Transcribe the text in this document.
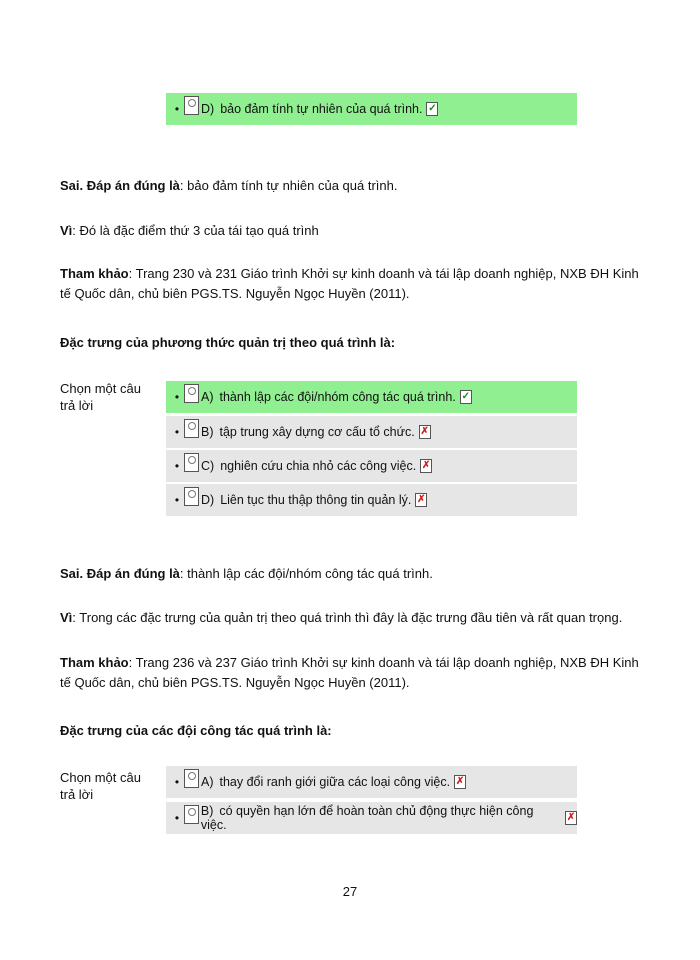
•	D) bảo đảm tính tự nhiên của quá trình. ✓
Sai. Đáp án đúng là: bảo đảm tính tự nhiên của quá trình.
Vì: Đó là đặc điểm thứ 3 của tái tạo quá trình
Tham khảo: Trang 230 và 231 Giáo trình Khởi sự kinh doanh và tái lập doanh nghiệp, NXB ĐH Kinh tế Quốc dân, chủ biên PGS.TS. Nguyễn Ngọc Huyền (2011).
Đặc trưng của phương thức quản trị theo quá trình là:
Chọn một câu trả lời
•	A) thành lập các đội/nhóm công tác quá trình. ✓
•	B) tập trung xây dựng cơ cấu tổ chức. ✗
•	C) nghiên cứu chia nhỏ các công việc. ✗
•	D) Liên tục thu thập thông tin quản lý. ✗
Sai. Đáp án đúng là: thành lập các đội/nhóm công tác quá trình.
Vì: Trong các đặc trưng của quản trị theo quá trình thì đây là đặc trưng đầu tiên và rất quan trọng.
Tham khảo: Trang 236 và 237 Giáo trình Khởi sự kinh doanh và tái lập doanh nghiệp, NXB ĐH Kinh tế Quốc dân, chủ biên PGS.TS. Nguyễn Ngọc Huyền (2011).
Đặc trưng của các đội công tác quá trình là:
Chọn một câu trả lời
•	A) thay đổi ranh giới giữa các loại công việc. ✗
•	B) có quyền hạn lớn để hoàn toàn chủ động thực hiện công việc.
✗
27
